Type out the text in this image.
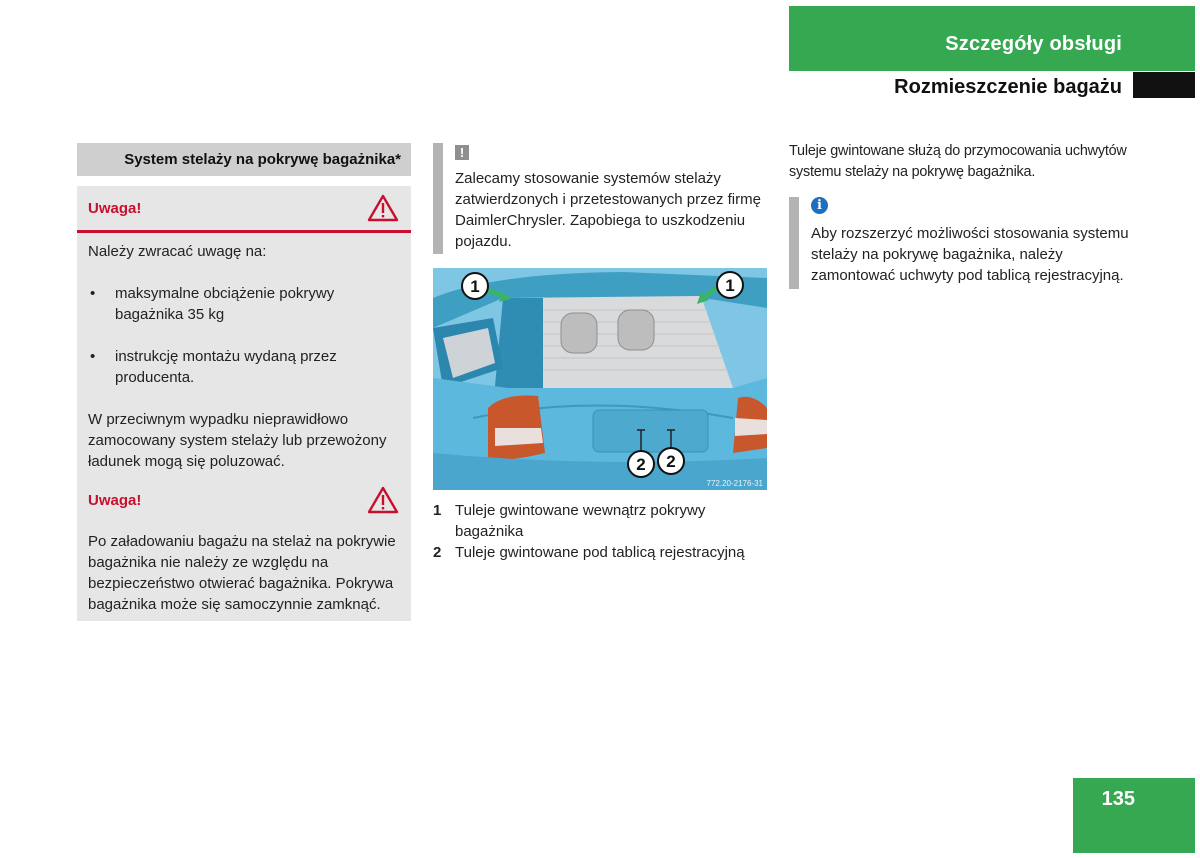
Szczegóły obsługi
Rozmieszczenie bagażu
System stelaży na pokrywę bagażnika*
Uwaga!

Należy zwracać uwagę na:

• maksymalne obciążenie pokrywy bagażnika 35 kg
• instrukcję montażu wydaną przez producenta.

W przeciwnym wypadku nieprawidłowo zamocowany system stelaży lub przewożony ładunek mogą się poluzować.

Uwaga!

Po załadowaniu bagażu na stelaż na pokrywie bagażnika nie należy ze względu na bezpieczeństwo otwierać bagażnika. Pokrywa bagażnika może się samoczynnie zamknąć.

!
Zalecamy stosowanie systemów stelaży zatwierdzonych i przetestowanych przez firmę DaimlerChrysler. Zapobiega to uszkodzeniu pojazdu.
1	1
2 2
772.20-2176-31
1 Tuleje gwintowane wewnątrz pokrywy bagażnika
2 Tuleje gwintowane pod tablicą rejestracyjną

Tuleje gwintowane służą do przymocowania uchwytów systemu stelaży na pokrywę bagażnika.

i
Aby rozszerzyć możliwości stosowania systemu stelaży na pokrywę bagażnika, należy zamontować uchwyty pod tablicą rejestracyjną.
135
